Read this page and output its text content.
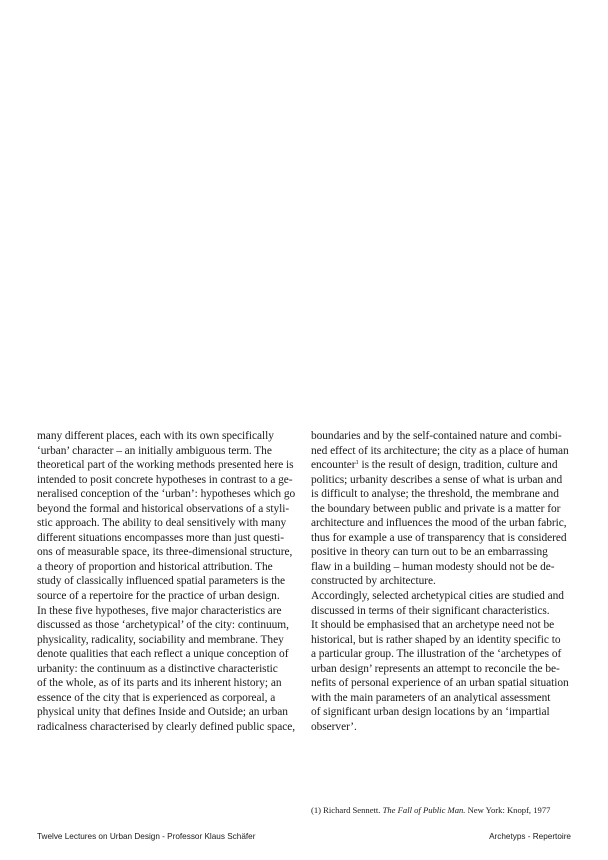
many different places, each with its own specifically
‘urban’ character – an initially ambiguous term. The
theoretical part of the working methods presented here is
intended to posit concrete hypotheses in contrast to a ge-
neralised conception of the ‘urban’: hypotheses which go
beyond the formal and historical observations of a styli-
stic approach. The ability to deal sensitively with many
different situations encompasses more than just questi-
ons of measurable space, its three-dimensional structure,
a theory of proportion and historical attribution. The
study of classically influenced spatial parameters is the
source of a repertoire for the practice of urban design.
In these five hypotheses, five major characteristics are
discussed as those ‘archetypical’ of the city: continuum,
physicality, radicality, sociability and membrane. They
denote qualities that each reflect a unique conception of
urbanity: the continuum as a distinctive characteristic
of the whole, as of its parts and its inherent history; an
essence of the city that is experienced as corporeal, a
physical unity that defines Inside and Outside; an urban
radicalness characterised by clearly defined public space,
boundaries and by the self-contained nature and combi-
ned effect of its architecture; the city as a place of human
encounter$^1$ is the result of design, tradition, culture and
politics; urbanity describes a sense of what is urban and
is difficult to analyse; the threshold, the membrane and
the boundary between public and private is a matter for
architecture and influences the mood of the urban fabric,
thus for example a use of transparency that is considered
positive in theory can turn out to be an embarrassing
flaw in a building – human modesty should not be de-
constructed by architecture.
Accordingly, selected archetypical cities are studied and
discussed in terms of their significant characteristics.
It should be emphasised that an archetype need not be
historical, but is rather shaped by an identity specific to
a particular group. The illustration of the ‘archetypes of
urban design’ represents an attempt to reconcile the be-
nefits of personal experience of an urban spatial situation
with the main parameters of an analytical assessment
of significant urban design locations by an ‘impartial
observer’.
(1) Richard Sennett. The Fall of Public Man. New York: Knopf, 1977
Twelve Lectures on Urban Design - Professor Klaus Schäfer	Archetyps - Repertoire
